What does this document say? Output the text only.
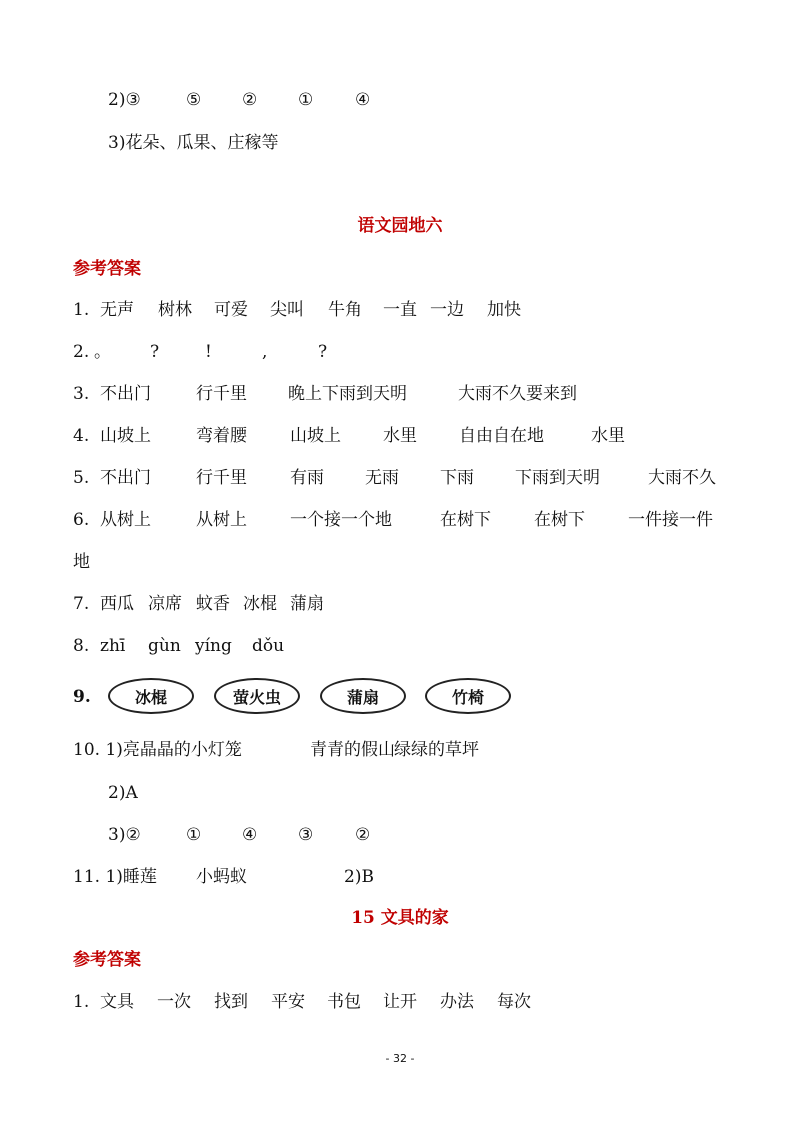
2)③	⑤ ② ① ④
3)花朵、瓜果、庄稼等
语文园地六
参考答案
1. 无声 树林 可爱 尖叫 牛角 一直 一边 加快
2. 。 ?	!	,	?
3. 不出门	行千里 晚上下雨到天明	大雨不久要来到
4. 山坡上	弯着腰	山坡上 水里 自由自在地	水里
5. 不出门	行千里	有雨 无雨 下雨 下雨到天明	大雨不久
6. 从树上	从树上	一个接一个地	在树下	在树下	一件接一件
地
7. 西瓜 凉席 蚊香 冰棍 蒲扇
8. zhī gùn yíng dǒu
9.	冰棍	萤火虫	蒲扇	竹椅
10. 1)亮晶晶的小灯笼	青青的假山 绿绿的草坪
2)A
3)②	① ④ ③ ②
11. 1)睡莲 小蚂蚁	2)B
15 文具的家
参考答案
1. 文具 一次 找到 平安 书包 让开 办法 每次
- 32 -
